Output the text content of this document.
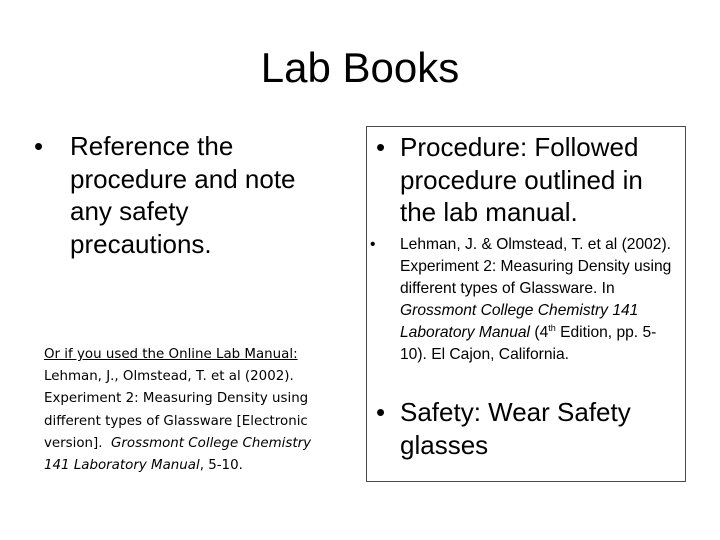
Lab Books
•	Reference the procedure and note any safety precautions.
Or if you used the Online Lab Manual:
Lehman, J., Olmstead, T. et al (2002).
Experiment 2: Measuring Density using
different types of Glassware [Electronic
version]. Grossmont College Chemistry
141 Laboratory Manual, 5-10.
• Procedure: Followed procedure outlined in the lab manual.
•	Lehman, J. & Olmstead, T. et al (2002). Experiment 2: Measuring Density using different types of Glassware. In Grossmont College Chemistry 141 Laboratory Manual (4th Edition, pp. 5-10). El Cajon, California.
• Safety: Wear Safety glasses
